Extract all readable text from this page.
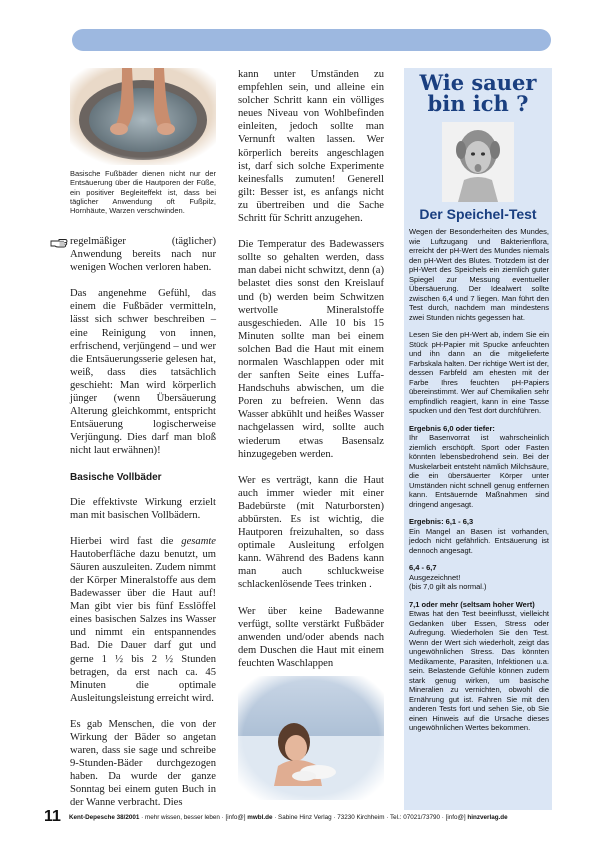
Basische Fußbäder dienen nicht nur der Entsäuerung über die Hautporen der Füße, ein positiver Begleiteffekt ist, dass bei täglicher Anwendung oft Fußpilz, Hornhäute, Warzen verschwinden.

regelmäßiger (täglicher) Anwendung bereits nach nur wenigen Wochen verloren haben.

Das angenehme Gefühl, das einem die Fußbäder vermitteln, lässt sich schwer beschreiben – eine Reinigung von innen, erfrischend, verjüngend – und wer die Entsäuerungsserie gelesen hat, weiß, dass dies tatsächlich geschieht: Man wird körperlich jünger (wenn Übersäuerung Alterung gleichkommt, entspricht Entsäuerung logischerweise Verjüngung. Dies darf man bloß nicht laut erwähnen)!

Basische Vollbäder

Die effektivste Wirkung erzielt man mit basischen Vollbädern.

Hierbei wird fast die gesamte Hautoberfläche dazu benutzt, um Säuren auszuleiten. Zudem nimmt der Körper Mineralstoffe aus dem Badewasser über die Haut auf! Man gibt vier bis fünf Esslöffel eines basischen Salzes ins Wasser und nimmt ein entspannendes Bad. Die Dauer darf gut und gerne 1 ½ bis 2 ½ Stunden betragen, da erst nach ca. 45 Minuten die optimale Ausleitungsleistung erreicht wird.

Es gab Menschen, die von der Wirkung der Bäder so angetan waren, dass sie sage und schreibe 9-Stunden-Bäder durchgezogen haben. Da wurde der ganze Sonntag bei einem guten Buch in der Wanne verbracht. Dies

kann unter Umständen zu empfehlen sein, und alleine ein solcher Schritt kann ein völliges neues Niveau von Wohlbefinden einleiten, jedoch sollte man Vernunft walten lassen. Wer körperlich bereits angeschlagen ist, darf sich solche Experimente keinesfalls zumuten! Generell gilt: Besser ist, es anfangs nicht zu übertreiben und die Sache Schritt für Schritt anzugehen.

Die Temperatur des Badewassers sollte so gehalten werden, dass man dabei nicht schwitzt, denn (a) belastet dies sonst den Kreislauf und (b) werden beim Schwitzen wertvolle Mineralstoffe ausgeschieden. Alle 10 bis 15 Minuten sollte man bei einem solchen Bad die Haut mit einem normalen Waschlappen oder mit der sanften Seite eines Luffa-Handschuhs abwischen, um die Poren zu befreien. Wenn das Wasser abkühlt und heißes Wasser nachgelassen wird, sollte auch wiederum etwas Basensalz hinzugegeben werden.

Wer es verträgt, kann die Haut auch immer wieder mit einer Badebürste (mit Naturborsten) abbürsten. Es ist wichtig, die Hautporen freizuhalten, so dass optimale Ausleitung erfolgen kann. Während des Badens kann man auch schluckweise schlackenlösende Tees trinken .

Wer über keine Badewanne verfügt, sollte verstärkt Fußbäder anwenden und/oder abends nach dem Duschen die Haut mit einem feuchten Waschlappen

Wie sauer
bin ich ?
Der Speichel-Test

Wegen der Besonderheiten des Mundes, wie Luftzugang und Bakterienflora, erreicht der pH-Wert des Mundes niemals den pH-Wert des Blutes. Trotzdem ist der pH-Wert des Speichels ein ziemlich guter Spiegel zur Messung eventueller Übersäuerung. Der Idealwert sollte zwischen 6,4 und 7 liegen. Man führt den Test durch, nachdem man mindestens zwei Stunden nichts gegessen hat.

Lesen Sie den pH-Wert ab, indem Sie ein Stück pH-Papier mit Spucke anfeuchten und ihn dann an die mitgelieferte Farbskala halten. Der richtige Wert ist der, dessen Farbfeld am ehesten mit der Farbe Ihres feuchten pH-Papiers übereinstimmt. Wer auf Chemikalien sehr empfindlich reagiert, kann in eine Tasse spucken und den Test dort durchführen.

Ergebnis 6,0 oder tiefer:
Ihr Basenvorrat ist wahrscheinlich ziemlich erschöpft. Sport oder Fasten könnten lebensbedrohend sein. Bei der Muskelarbeit entsteht nämlich Milchsäure, die ein übersäuerter Körper unter Umständen nicht schnell genug entfernen kann. Entsäuernde Maßnahmen sind dringend angesagt.

Ergebnis: 6,1 - 6,3
Ein Mangel an Basen ist vorhanden, jedoch nicht gefährlich. Entsäuerung ist dennoch angesagt.

6,4 - 6,7
Ausgezeichnet!
(bis 7,0 gilt als normal.)

7,1 oder mehr (seltsam hoher Wert)
Etwas hat den Test beeinflusst, vielleicht Gedanken über Essen, Stress oder Aufregung. Wiederholen Sie den Test. Wenn der Wert sich wiederholt, zeigt das ungewöhnlichen Stress. Das könnten Medikamente, Parasiten, Infektionen u.a. sein. Belastende Gefühle können zudem stark genug wirken, um basische Mineralien zu vernichten, obwohl die Ernährung gut ist. Fahren Sie mit den anderen Tests fort und sehen Sie, ob Sie einen Hinweis auf die Ursache dieses ungewöhnlichen Wertes bekommen.

11 Kent-Depesche 38/2001 · mehr wissen, besser leben · [info@] mwbl.de · Sabine Hinz Verlag · 73230 Kirchheim · Tel.: 07021/73790 · [info@] hinzverlag.de
